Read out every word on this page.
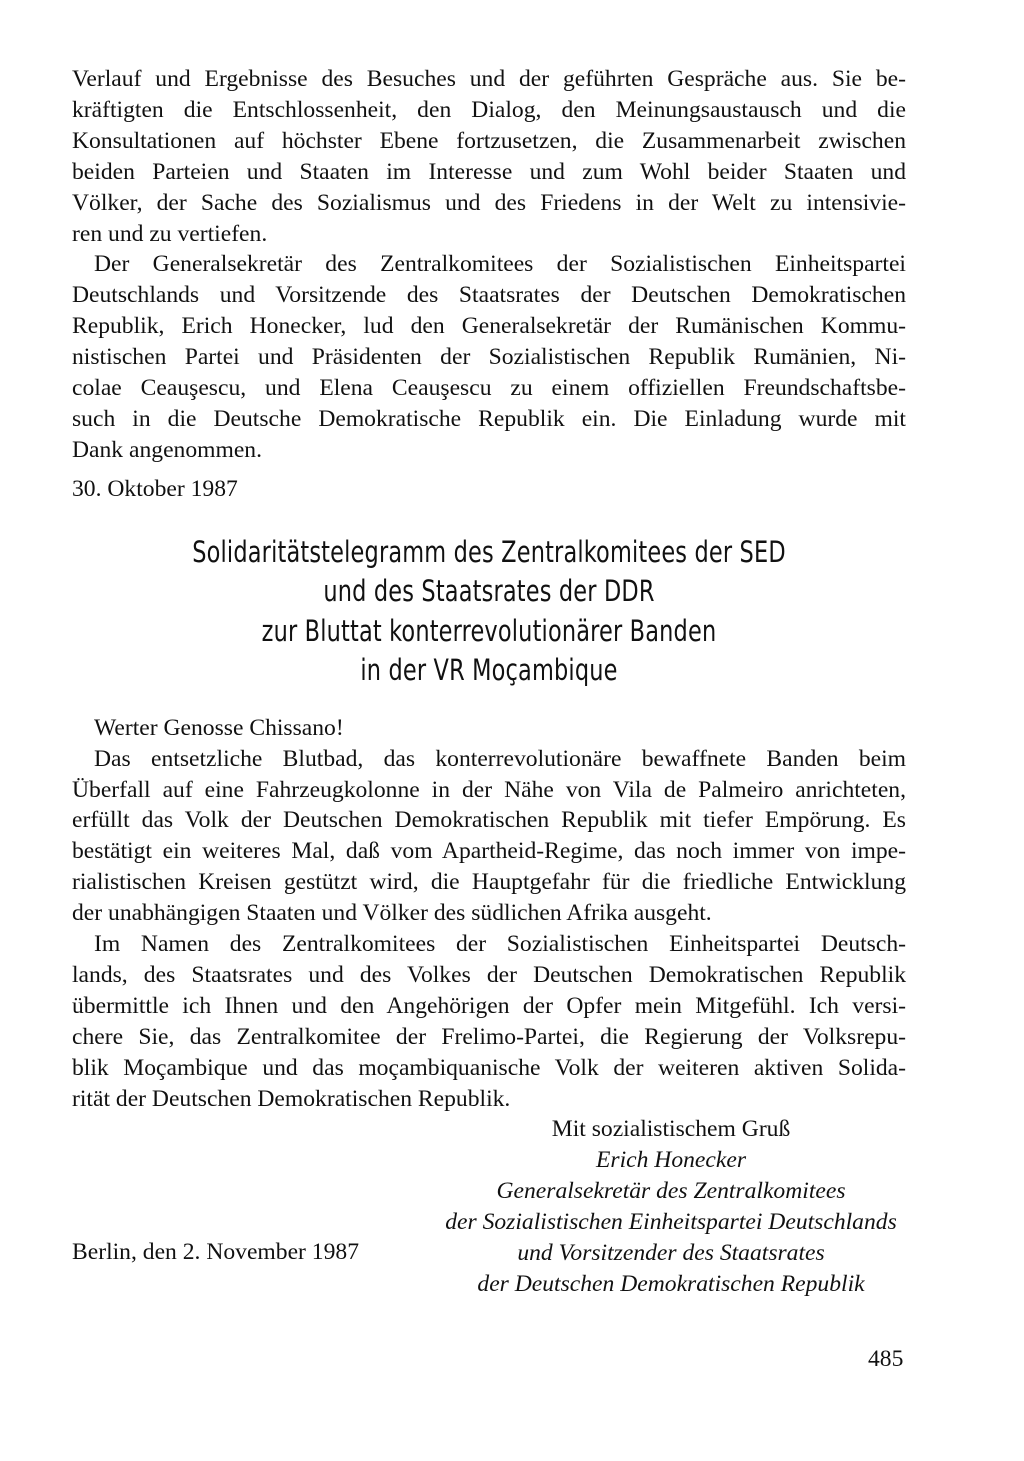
Verlauf und Ergebnisse des Besuches und der geführten Gespräche aus. Sie be-
kräftigten die Entschlossenheit, den Dialog, den Meinungsaustausch und die
Konsultationen auf höchster Ebene fortzusetzen, die Zusammenarbeit zwischen
beiden Parteien und Staaten im Interesse und zum Wohl beider Staaten und
Völker, der Sache des Sozialismus und des Friedens in der Welt zu intensivie-
ren und zu vertiefen.

Der Generalsekretär des Zentralkomitees der Sozialistischen Einheitspartei
Deutschlands und Vorsitzende des Staatsrates der Deutschen Demokratischen
Republik, Erich Honecker, lud den Generalsekretär der Rumänischen Kommu-
nistischen Partei und Präsidenten der Sozialistischen Republik Rumänien, Ni-
colae Ceauşescu, und Elena Ceauşescu zu einem offiziellen Freundschaftsbe-
such in die Deutsche Demokratische Republik ein. Die Einladung wurde mit
Dank angenommen.

30. Oktober 1987

Solidaritätstelegramm des Zentralkomitees der SED
und des Staatsrates der DDR
zur Bluttat konterrevolutionärer Banden
in der VR Moçambique

Werter Genosse Chissano!

Das entsetzliche Blutbad, das konterrevolutionäre bewaffnete Banden beim
Überfall auf eine Fahrzeugkolonne in der Nähe von Vila de Palmeiro anrichteten,
erfüllt das Volk der Deutschen Demokratischen Republik mit tiefer Empörung. Es
bestätigt ein weiteres Mal, daß vom Apartheid-Regime, das noch immer von impe-
rialistischen Kreisen gestützt wird, die Hauptgefahr für die friedliche Entwicklung
der unabhängigen Staaten und Völker des südlichen Afrika ausgeht.

Im Namen des Zentralkomitees der Sozialistischen Einheitspartei Deutsch-
lands, des Staatsrates und des Volkes der Deutschen Demokratischen Republik
übermittle ich Ihnen und den Angehörigen der Opfer mein Mitgefühl. Ich versi-
chere Sie, das Zentralkomitee der Frelimo-Partei, die Regierung der Volksrepu-
blik Moçambique und das moçambiquanische Volk der weiteren aktiven Solida-
rität der Deutschen Demokratischen Republik.

Mit sozialistischem Gruß
Erich Honecker
Generalsekretär des Zentralkomitees
der Sozialistischen Einheitspartei Deutschlands
und Vorsitzender des Staatsrates
der Deutschen Demokratischen Republik
Berlin, den 2. November 1987
485
